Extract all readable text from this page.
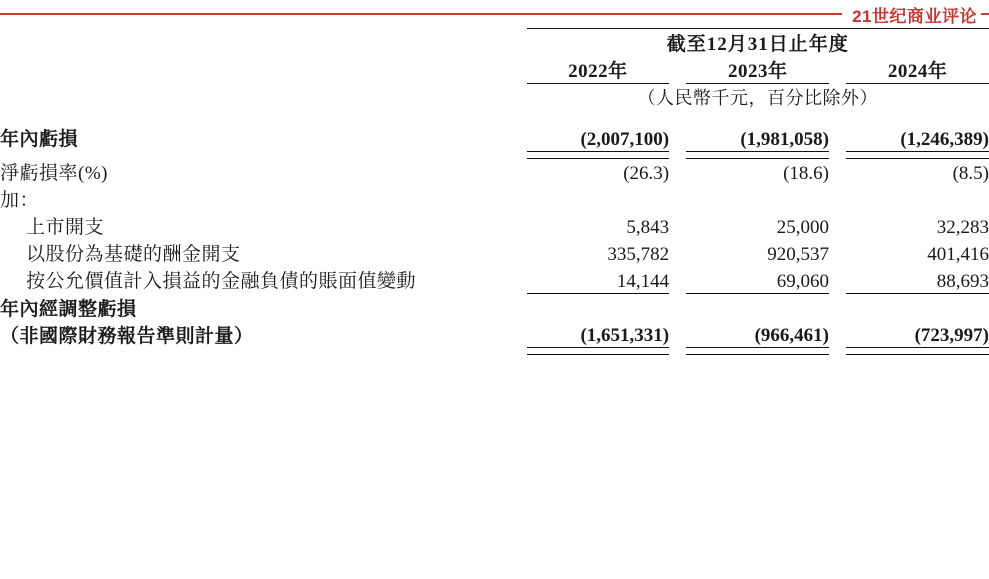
21世纪商业评论
	截至12月31日止年度				
	2022年		2023年		2024年
	（人民幣千元，百分比除外）				

年內虧損	(2,007,100)		(1,981,058)		(1,246,389)

淨虧損率(%)	(26.3)		(18.6)		(8.5)
加：					
上市開支	5,843		25,000		32,283
以股份為基礎的酬金開支	335,782		920,537		401,416
按公允價值計入損益的金融負債的賬面值變動	14,144		69,060		88,693

年內經調整虧損					
（非國際財務報告準則計量）	(1,651,331)		(966,461)		(723,997)
